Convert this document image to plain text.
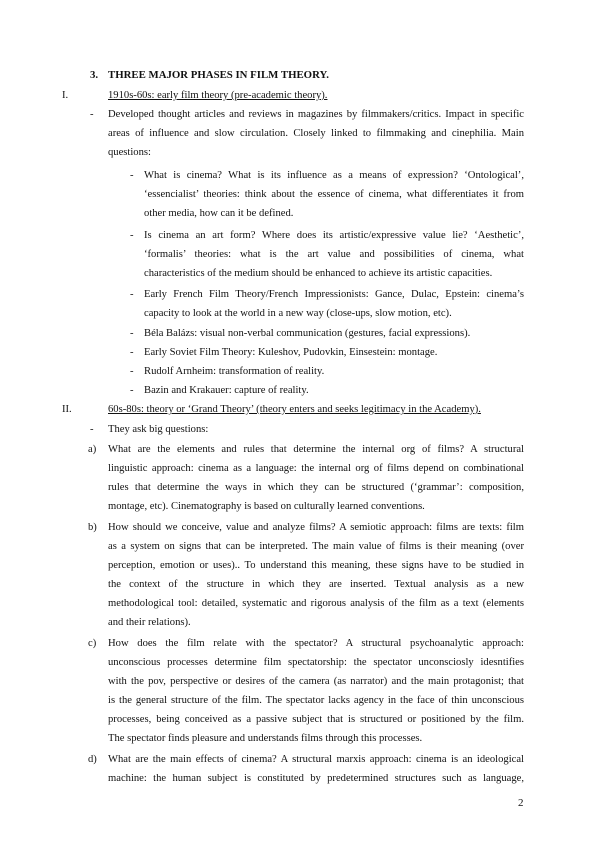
3. THREE MAJOR PHASES IN FILM THEORY.
I.	1910s-60s: early film theory (pre-academic theory).
- Developed thought articles and reviews in magazines by filmmakers/critics. Impact in specific
areas of influence and slow circulation. Closely linked to filmmaking and cinephilia. Main
questions:
- What is cinema? What is its influence as a means of expression? ‘Ontological’,
‘essencialist’ theories: think about the essence of cinema, what differentiates it from
other media, how can it be defined.
- Is cinema an art form? Where does its artistic/expressive value lie? ‘Aesthetic’,
‘formalis’ theories: what is the art value and possibilities of cinema, what
characteristics of the medium should be enhanced to achieve its artistic capacities.
- Early French Film Theory/French Impressionists: Gance, Dulac, Epstein: cinema’s
capacity to look at the world in a new way (close-ups, slow motion, etc).
- Béla Balázs: visual non-verbal communication (gestures, facial expressions).
- Early Soviet Film Theory: Kuleshov, Pudovkin, Einsestein: montage.
- Rudolf Arnheim: transformation of reality.
- Bazin and Krakauer: capture of reality.
II.	60s-80s: theory or ‘Grand Theory’ (theory enters and seeks legitimacy in the Academy).
- They ask big questions:
a) What are the elements and rules that determine the internal org of films? A structural
linguistic approach: cinema as a language: the internal org of films depend on combinational
rules that determine the ways in which they can be structured (‘grammar’: composition,
montage, etc). Cinematography is based on culturally learned conventions.
b) How should we conceive, value and analyze films? A semiotic approach: films are texts: film
as a system on signs that can be interpreted. The main value of films is their meaning (over
perception, emotion or uses).. To understand this meaning, these signs have to be studied in
the context of the structure in which they are inserted. Textual analysis as a new
methodological tool: detailed, systematic and rigorous analysis of the film as a text (elements
and their relations).
c) How does the film relate with the spectator? A structural psychoanalytic approach:
unconscious processes determine film spectatorship: the spectator unconsciosly idesntifies
with the pov, perspective or desires of the camera (as narrator) and the main protagonist; that
is the general structure of the film. The spectator lacks agency in the face of thin unconscious
processes, being conceived as a passive subject that is structured or positioned by the film.
The spectator finds pleasure and understands films through this processes.
d) What are the main effects of cinema? A structural marxis approach: cinema is an ideological
machine: the human subject is constituted by predetermined structures such as language,
2
